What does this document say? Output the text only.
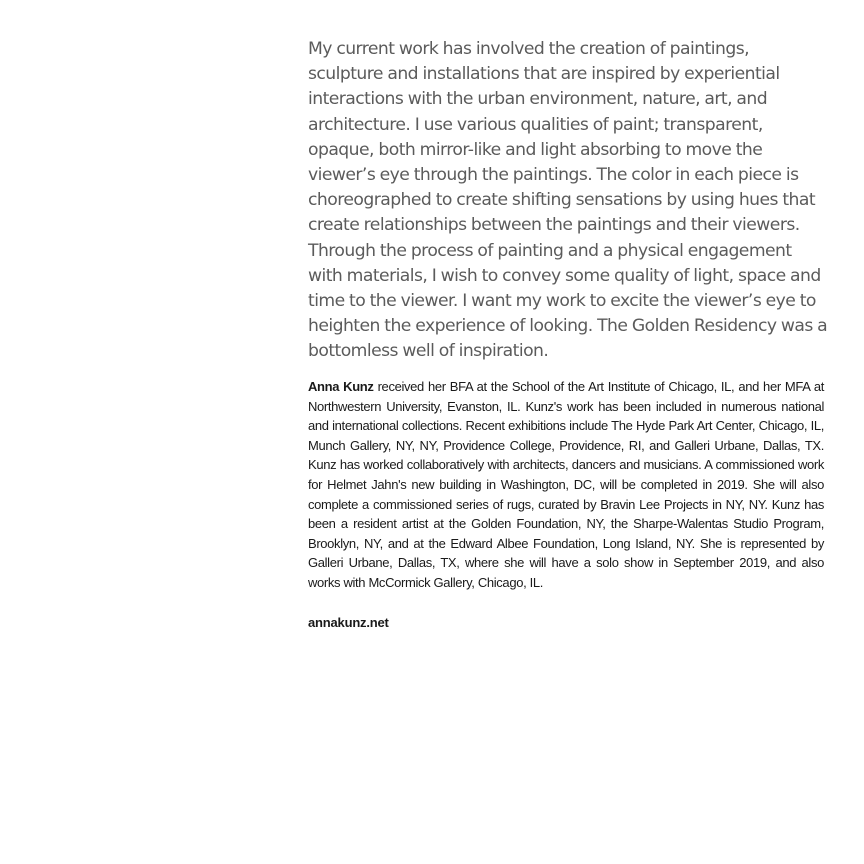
My current work has involved the creation of paintings, sculpture and installations that are inspired by experiential interactions with the urban environment, nature, art, and architecture. I use various qualities of paint; transparent, opaque, both mirror-like and light absorbing to move the viewer’s eye through the paintings. The color in each piece is choreographed to create shifting sensations by using hues that create relationships between the paintings and their viewers. Through the process of painting and a physical engagement with materials, I wish to convey some quality of light, space and time to the viewer. I want my work to excite the viewer’s eye to heighten the experience of looking. The Golden Residency was a bottomless well of inspiration.

Anna Kunz received her BFA at the School of the Art Institute of Chicago, IL, and her MFA at Northwestern University, Evanston, IL. Kunz's work has been included in numerous national and international collections. Recent exhibitions include The Hyde Park Art Center, Chicago, IL, Munch Gallery, NY, NY, Providence College, Providence, RI, and Galleri Urbane, Dallas, TX. Kunz has worked collaboratively with architects, dancers and musicians. A commissioned work for Helmet Jahn's new building in Washington, DC, will be completed in 2019. She will also complete a commissioned series of rugs, curated by Bravin Lee Projects in NY, NY. Kunz has been a resident artist at the Golden Foundation, NY, the Sharpe-Walentas Studio Program, Brooklyn, NY, and at the Edward Albee Foundation, Long Island, NY. She is represented by Galleri Urbane, Dallas, TX, where she will have a solo show in September 2019, and also works with McCormick Gallery, Chicago, IL.

annakunz.net
